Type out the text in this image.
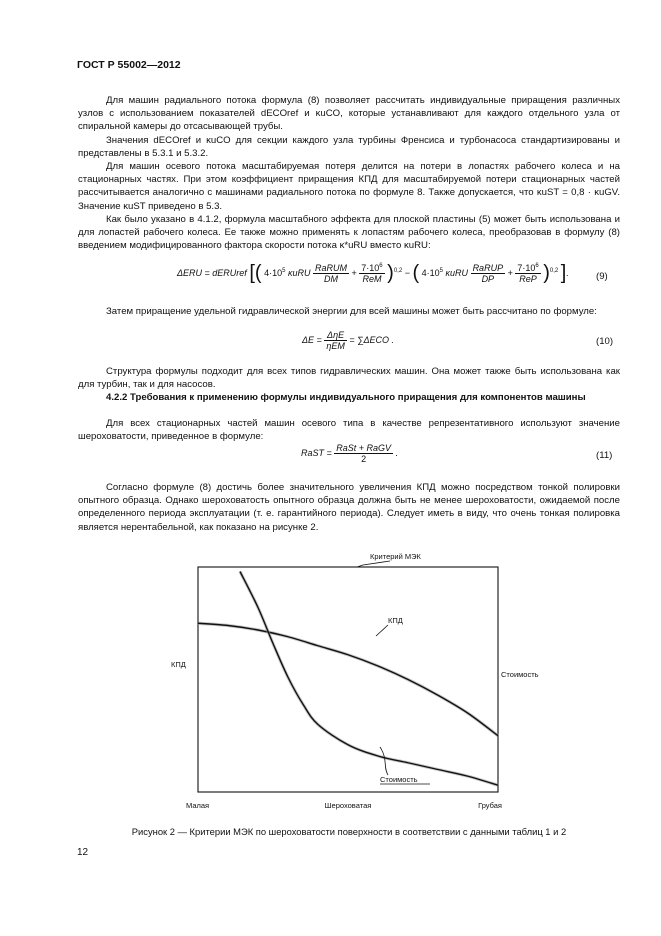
ГОСТ Р 55002—2012
Для машин радиального потока формула (8) позволяет рассчитать индивидуальные приращения различных узлов с использованием показателей dECOref и κuCO, которые устанавливают для каждого отдельного узла от спиральной камеры до отсасывающей трубы.
Значения dECOref и κuCO для секции каждого узла турбины Френсиса и турбонасоса стандартизированы и представлены в 5.3.1 и 5.3.2.
Для машин осевого потока масштабируемая потеря делится на потери в лопастях рабочего колеса и на стационарных частях. При этом коэффициент приращения КПД для масштабируемой потери стационарных частей рассчитывается аналогично с машинами радиального потока по формуле 8. Также допускается, что κuST = 0,8 · κuGV. Значение κuST приведено в 5.3.
Как было указано в 4.1.2, формула масштабного эффекта для плоской пластины (5) может быть использована и для лопастей рабочего колеса. Ее также можно применять к лопастям рабочего колеса, преобразовав в формулу (8) введением модифицированного фактора скорости потока κ*uRU вместо κuRU:
ΔERU = dERUref [( $4\cdot 10^5$ κuRU $\frac{\text{RaRUM}}{DM} + \frac{7\cdot 10^6}{\text{ReM}} )^{0,2}$ − ( $4\cdot 10^5$ κuRU $\frac{\text{RaRUP}}{DP} + \frac{7\cdot 10^6}{\text{ReP}} )^{0,2}$ ].	(9)
Затем приращение удельной гидравлической энергии для всей машины может быть рассчитано по формуле:
$\Delta E = \frac{\text{ΔηE}}{\text{ηEM}} = \sum\Delta ECO$ .	(10)
Структура формулы подходит для всех типов гидравлических машин. Она может также быть использована как для турбин, так и для насосов.
4.2.2 Требования к применению формулы индивидуального приращения для компонентов машины
Для всех стационарных частей машин осевого типа в качестве репрезентативного используют значение шероховатости, приведенное в формуле:
RaST = $\frac{\text{RaSt + RaGV}}{2}$ .	(11)
Согласно формуле (8) достичь более значительного увеличения КПД можно посредством тонкой полировки опытного образца. Однако шероховатость опытного образца должна быть не менее шероховатости, ожидаемой после определенного периода эксплуатации (т. е. гарантийного периода). Следует иметь в виду, что очень тонкая полировка является нерентабельной, как показано на рисунке 2.
Малая	Шероховатая	Грубая
КПД
Стоимость
Критерий МЭК
КПД
Стоимость
Рисунок 2 — Критерии МЭК по шероховатости поверхности в соответствии с данными таблиц 1 и 2
12
